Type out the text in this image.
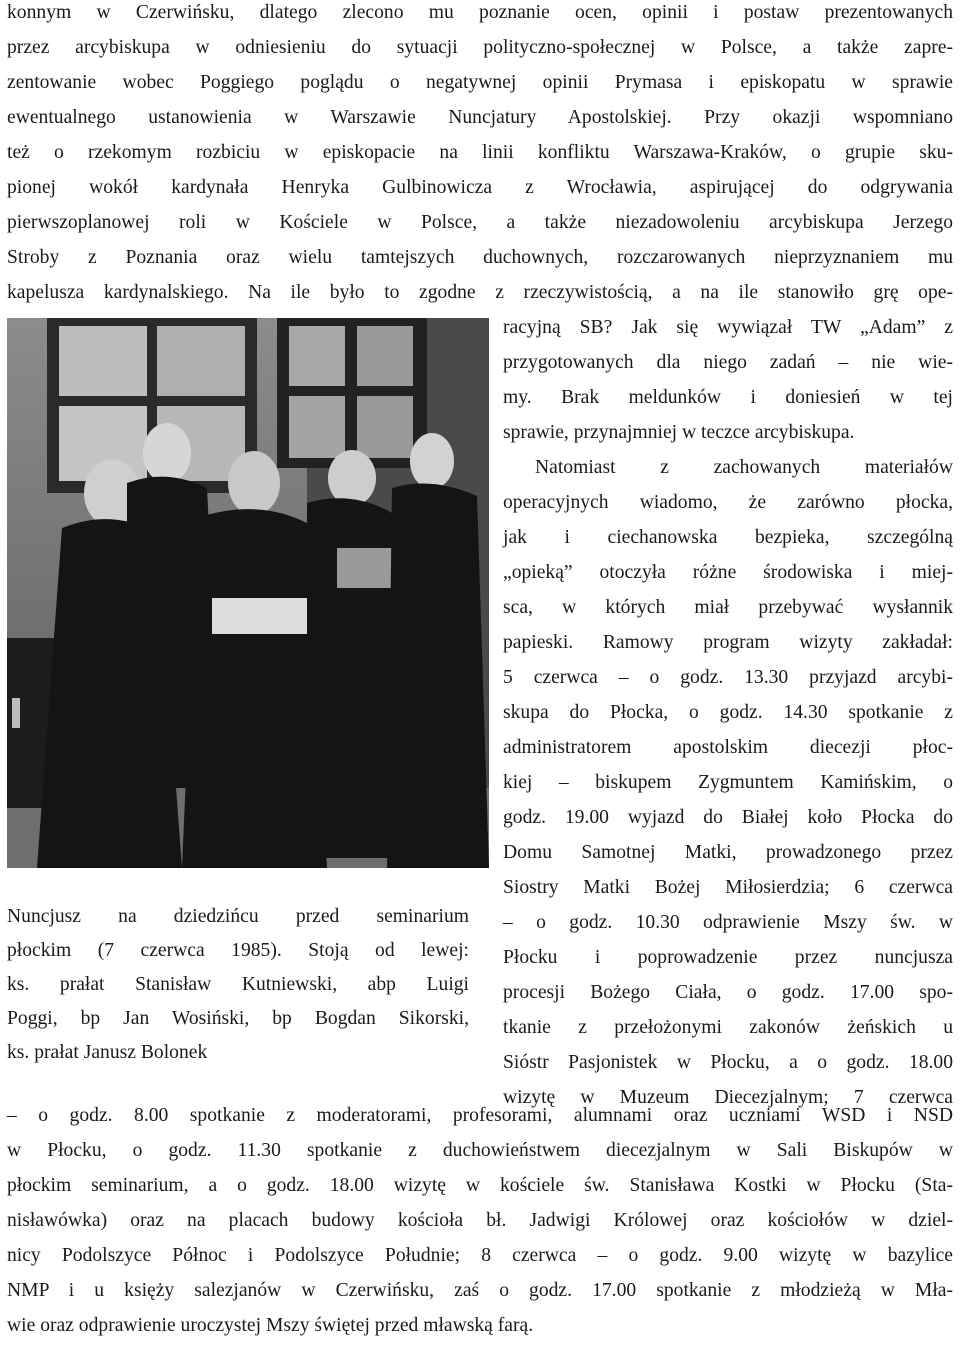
konnym w Czerwińsku, dlatego zlecono mu poznanie ocen, opinii i postaw prezentowanych
przez arcybiskupa w odniesieniu do sytuacji polityczno-społecznej w Polsce, a także zapre-
zentowanie wobec Poggiego poglądu o negatywnej opinii Prymasa i episkopatu w sprawie
ewentualnego ustanowienia w Warszawie Nuncjatury Apostolskiej. Przy okazji wspomniano
też o rzekomym rozbiciu w episkopacie na linii konfliktu Warszawa-Kraków, o grupie sku-
pionej wokół kardynała Henryka Gulbinowicza z Wrocławia, aspirującej do odgrywania
pierwszoplanowej roli w Kościele w Polsce, a także niezadowoleniu arcybiskupa Jerzego
Stroby z Poznania oraz wielu tamtejszych duchownych, rozczarowanych nieprzyznaniem mu
kapelusza kardynalskiego. Na ile było to zgodne z rzeczywistością, a na ile stanowiło grę ope-
racyjną SB? Jak się wywiązał TW „Adam” z
przygotowanych dla niego zadań – nie wie-
my. Brak meldunków i doniesień w tej
sprawie, przynajmniej w teczce arcybiskupa.
Natomiast z zachowanych materiałów
operacyjnych wiadomo, że zarówno płocka,
jak i ciechanowska bezpieka, szczególną
„opieką” otoczyła różne środowiska i miej-
sca, w których miał przebywać wysłannik
papieski. Ramowy program wizyty zakładał:
5 czerwca – o godz. 13.30 przyjazd arcybi-
skupa do Płocka, o godz. 14.30 spotkanie z
administratorem apostolskim diecezji płoc-
kiej – biskupem Zygmuntem Kamińskim, o
godz. 19.00 wyjazd do Białej koło Płocka do
Domu Samotnej Matki, prowadzonego przez
Siostry Matki Bożej Miłosierdzia; 6 czerwca
– o godz. 10.30 odprawienie Mszy św. w
Płocku i poprowadzenie przez nuncjusza
procesji Bożego Ciała, o godz. 17.00 spo-
tkanie z przełożonymi zakonów żeńskich u
Sióstr Pasjonistek w Płocku, a o godz. 18.00
wizytę w Muzeum Diecezjalnym; 7 czerwca
Nuncjusz na dziedzińcu przed seminarium
płockim (7 czerwca 1985). Stoją od lewej:
ks. prałat Stanisław Kutniewski, abp Luigi
Poggi, bp Jan Wosiński, bp Bogdan Sikorski,
ks. prałat Janusz Bolonek
– o godz. 8.00 spotkanie z moderatorami, profesorami, alumnami oraz uczniami WSD i NSD
w Płocku, o godz. 11.30 spotkanie z duchowieństwem diecezjalnym w Sali Biskupów w
płockim seminarium, a o godz. 18.00 wizytę w kościele św. Stanisława Kostki w Płocku (Sta-
nisławówka) oraz na placach budowy kościoła bł. Jadwigi Królowej oraz kościołów w dziel-
nicy Podolszyce Północ i Podolszyce Południe; 8 czerwca – o godz. 9.00 wizytę w bazylice
NMP i u księży salezjanów w Czerwińsku, zaś o godz. 17.00 spotkanie z młodzieżą w Mła-
wie oraz odprawienie uroczystej Mszy świętej przed mławską farą.
